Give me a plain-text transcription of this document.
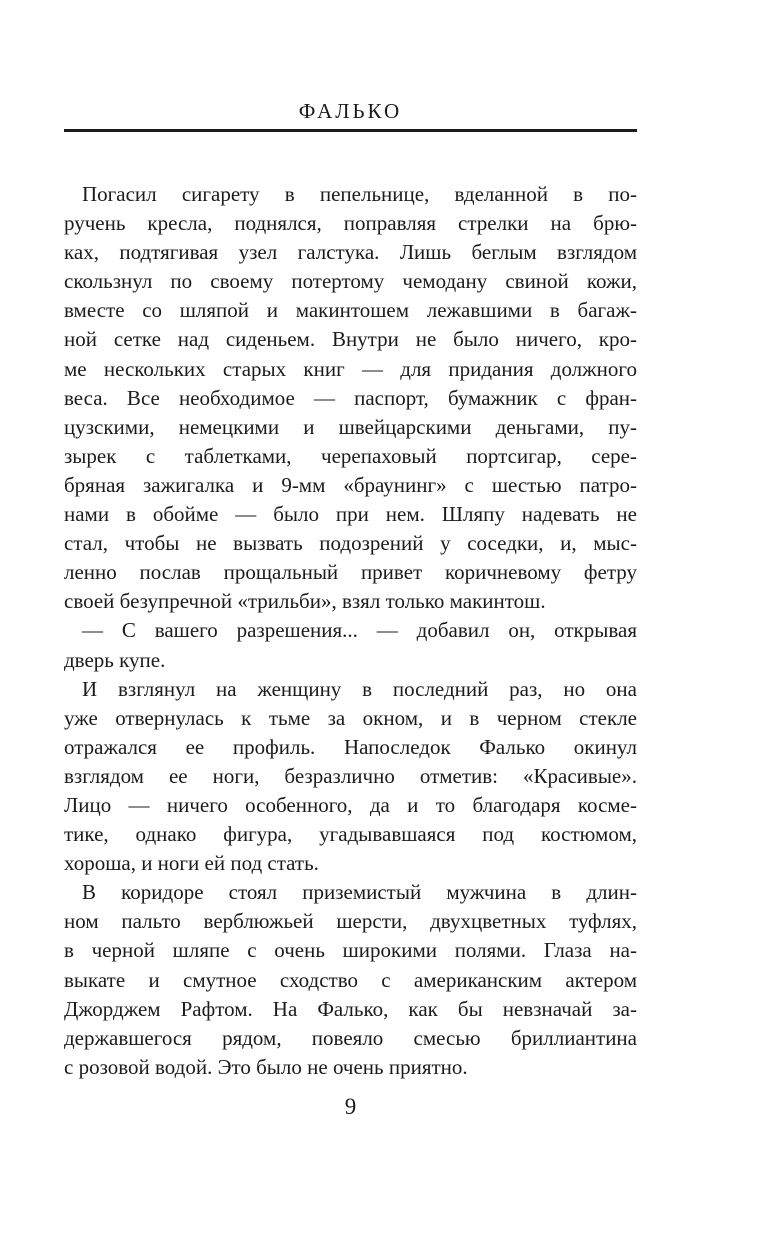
ФАЛЬКО

Погасил сигарету в пепельнице, вделанной в по-
ручень кресла, поднялся, поправляя стрелки на брю-
ках, подтягивая узел галстука. Лишь беглым взглядом
скользнул по своему потертому чемодану свиной кожи,
вместе со шляпой и макинтошем лежавшими в багаж-
ной сетке над сиденьем. Внутри не было ничего, кро-
ме нескольких старых книг — для придания должного
веса. Все необходимое — паспорт, бумажник с фран-
цузскими, немецкими и швейцарскими деньгами, пу-
зырек с таблетками, черепаховый портсигар, сере-
бряная зажигалка и 9-мм «браунинг» с шестью патро-
нами в обойме — было при нем. Шляпу надевать не
стал, чтобы не вызвать подозрений у соседки, и, мыс-
ленно послав прощальный привет коричневому фетру
своей безупречной «трильби», взял только макинтош.

— С вашего разрешения... — добавил он, открывая
дверь купе.

И взглянул на женщину в последний раз, но она
уже отвернулась к тьме за окном, и в черном стекле
отражался ее профиль. Напоследок Фалько окинул
взглядом ее ноги, безразлично отметив: «Красивые».
Лицо — ничего особенного, да и то благодаря косме-
тике, однако фигура, угадывавшаяся под костюмом,
хороша, и ноги ей под стать.

В коридоре стоял приземистый мужчина в длин-
ном пальто верблюжьей шерсти, двухцветных туфлях,
в черной шляпе с очень широкими полями. Глаза на-
выкате и смутное сходство с американским актером
Джорджем Рафтом. На Фалько, как бы невзначай за-
державшегося рядом, повеяло смесью бриллиантина
с розовой водой. Это было не очень приятно.

9
